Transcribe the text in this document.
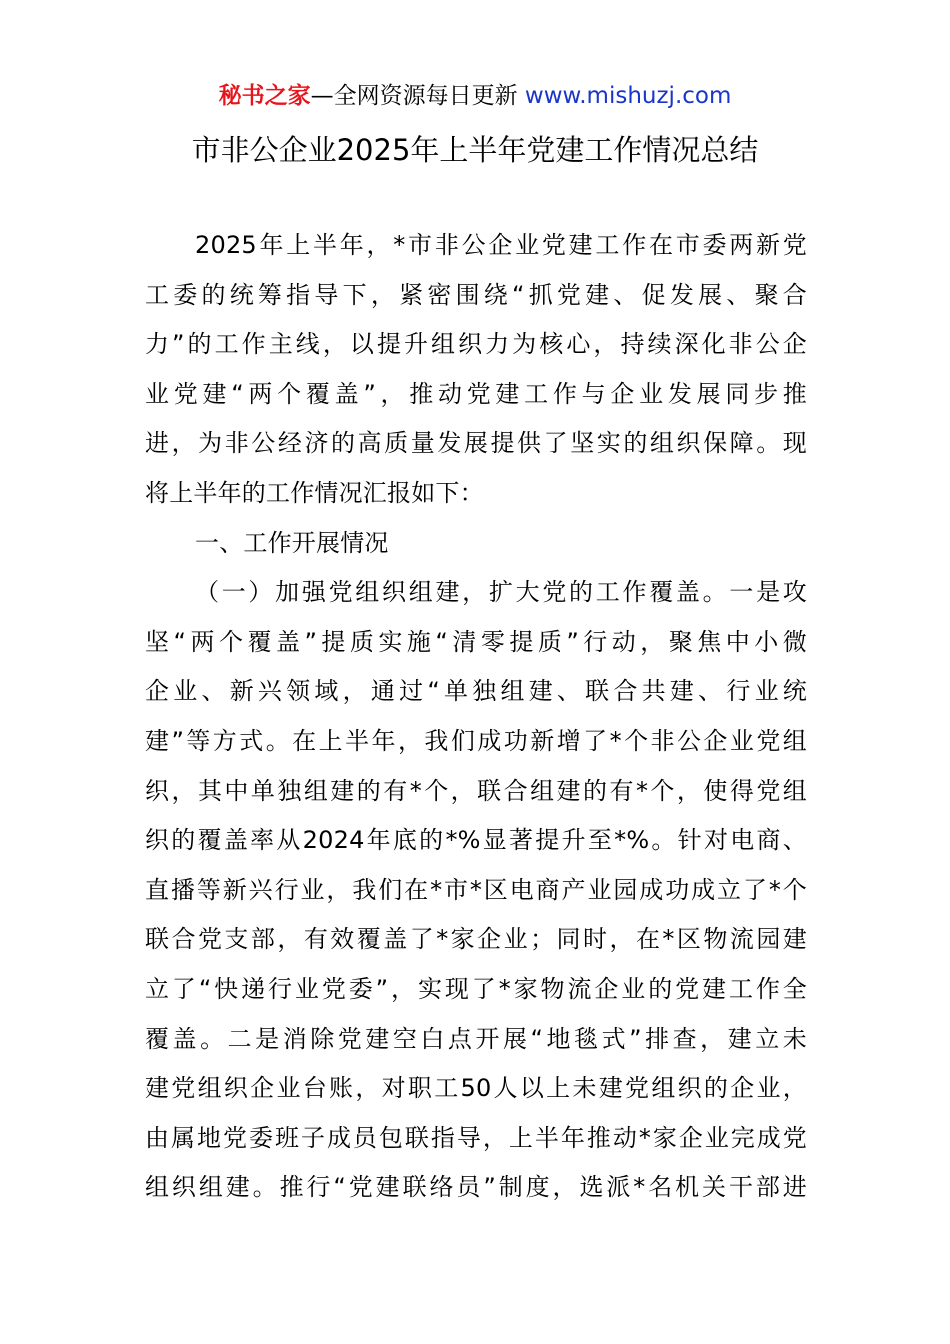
秘书之家—全网资源每日更新 www.mishuzj.com
市非公企业2025年上半年党建工作情况总结
2025年上半年，*市非公企业党建工作在市委两新党
工委的统筹指导下，紧密围绕“抓党建、促发展、聚合
力”的工作主线，以提升组织力为核心，持续深化非公企
业党建“两个覆盖”，推动党建工作与企业发展同步推
进，为非公经济的高质量发展提供了坚实的组织保障。现
将上半年的工作情况汇报如下：
一、工作开展情况
（一）加强党组织组建，扩大党的工作覆盖。一是攻
坚“两个覆盖”提质实施“清零提质”行动，聚焦中小微
企业、新兴领域，通过“单独组建、联合共建、行业统
建”等方式。在上半年，我们成功新增了*个非公企业党组
织，其中单独组建的有*个，联合组建的有*个，使得党组
织的覆盖率从2024年底的*%显著提升至*%。针对电商、
直播等新兴行业，我们在*市*区电商产业园成功成立了*个
联合党支部，有效覆盖了*家企业；同时，在*区物流园建
立了“快递行业党委”，实现了*家物流企业的党建工作全
覆盖。二是消除党建空白点开展“地毯式”排查，建立未
建党组织企业台账，对职工50人以上未建党组织的企业，
由属地党委班子成员包联指导，上半年推动*家企业完成党
组织组建。推行“党建联络员”制度，选派*名机关干部进
